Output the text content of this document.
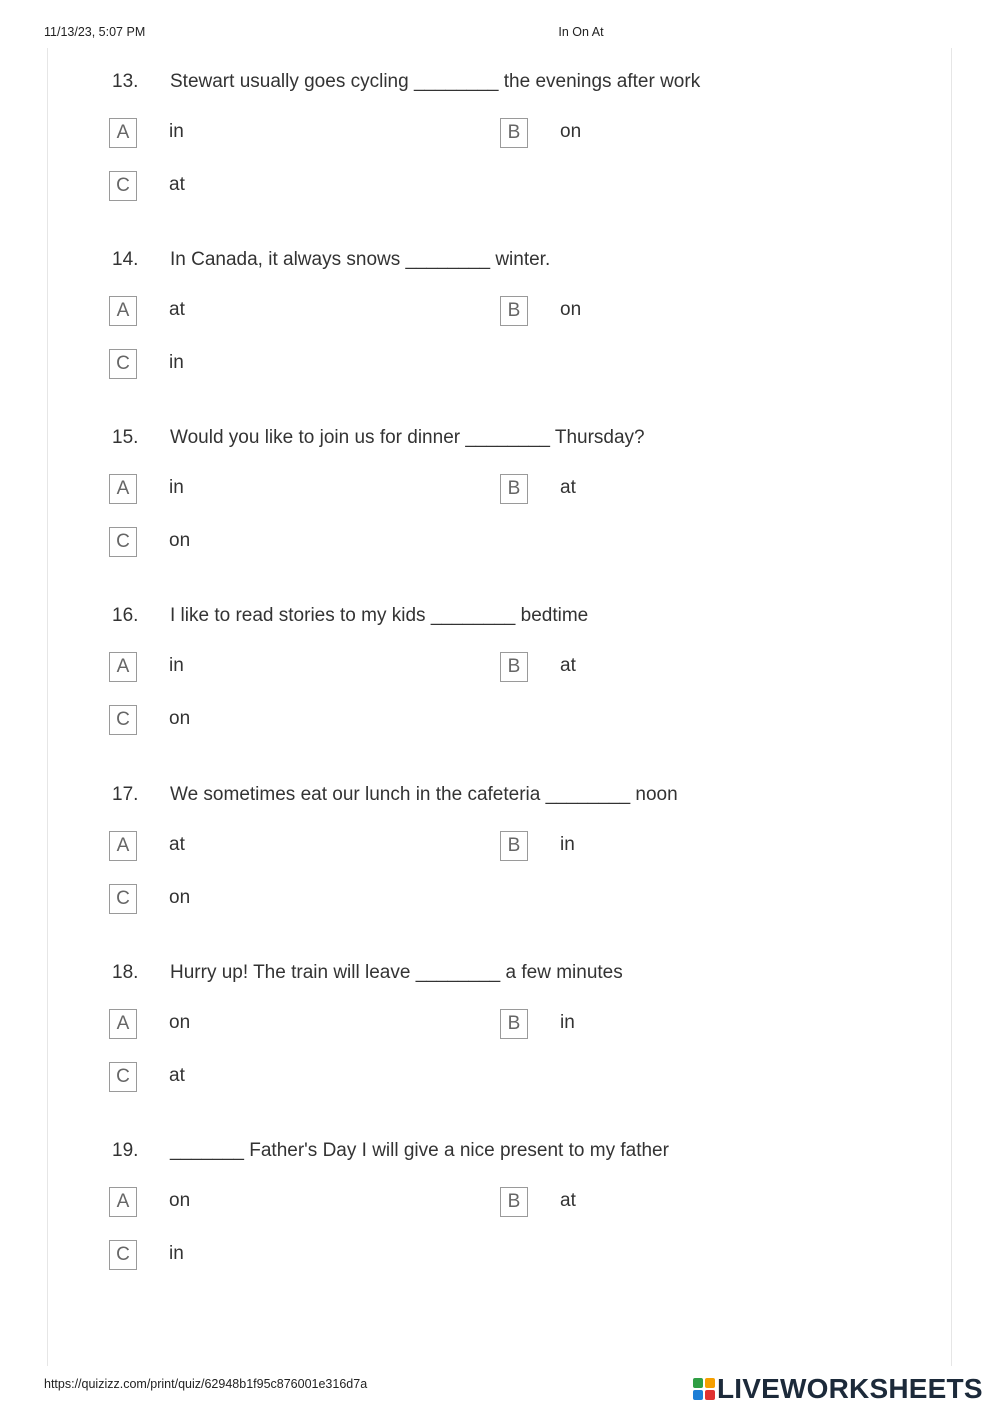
11/13/23, 5:07 PM	In On At
13. Stewart usually goes cycling ________ the evenings after work
A	in	B	on
C	at
14. In Canada, it always snows ________ winter.
A	at	B	on
C	in
15. Would you like to join us for dinner ________ Thursday?
A	in	B	at
C	on
16. I like to read stories to my kids ________ bedtime
A	in	B	at
C	on
17. We sometimes eat our lunch in the cafeteria ________ noon
A	at	B	in
C	on
18. Hurry up! The train will leave ________ a few minutes
A	on	B	in
C	at
19. _______ Father's Day I will give a nice present to my father
A	on	B	at
C	in
https://quizizz.com/print/quiz/62948b1f95c876001e316d7a	LIVEWORKSHEETS
